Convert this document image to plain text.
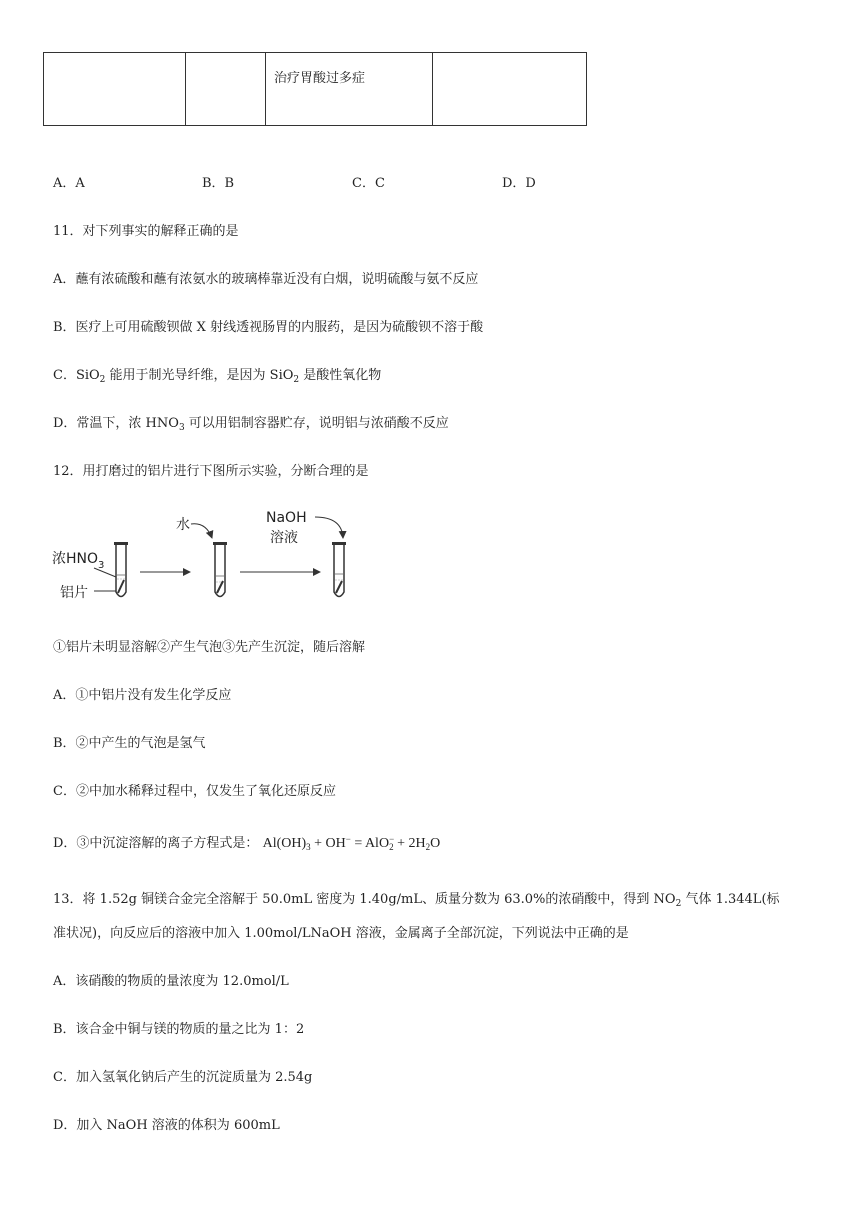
		治疗胃酸过多症	
A．A	B．B	C．C	D．D
11．对下列事实的解释正确的是
A．蘸有浓硫酸和蘸有浓氨水的玻璃棒靠近没有白烟，说明硫酸与氨不反应
B．医疗上可用硫酸钡做 X 射线透视肠胃的内服药，是因为硫酸钡不溶于酸
C．SiO$_2$ 能用于制光导纤维，是因为 SiO$_2$ 是酸性氧化物
D．常温下，浓 $HNO_3$ 可以用铝制容器贮存，说明铝与浓硝酸不反应
12．用打磨过的铝片进行下图所示实验，分断合理的是
浓$HNO_3$
铝片
水	NaOH
溶液
①铝片未明显溶解②产生气泡③先产生沉淀，随后溶解
A．①中铝片没有发生化学反应
B．②中产生的气泡是氢气
C．②中加水稀释过程中，仅发生了氧化还原反应
D．③中沉淀溶解的离子方程式是： $Al(OH)_3 + OH^- = AlO^-_2 + 2H_2O$
13．将 1.52g 铜镁合金完全溶解于 50.0mL 密度为 1.40g/mL、质量分数为 63.0%的浓硝酸中，得到 $NO_2$ 气体 1.344L(标
准状况)，向反应后的溶液中加入 1.00mol/LNaOH 溶液，金属离子全部沉淀，下列说法中正确的是
A．该硝酸的物质的量浓度为 12.0mol/L
B．该合金中铜与镁的物质的量之比为 1：2
C．加入氢氧化钠后产生的沉淀质量为 2.54g
D．加入 NaOH 溶液的体积为 600mL
